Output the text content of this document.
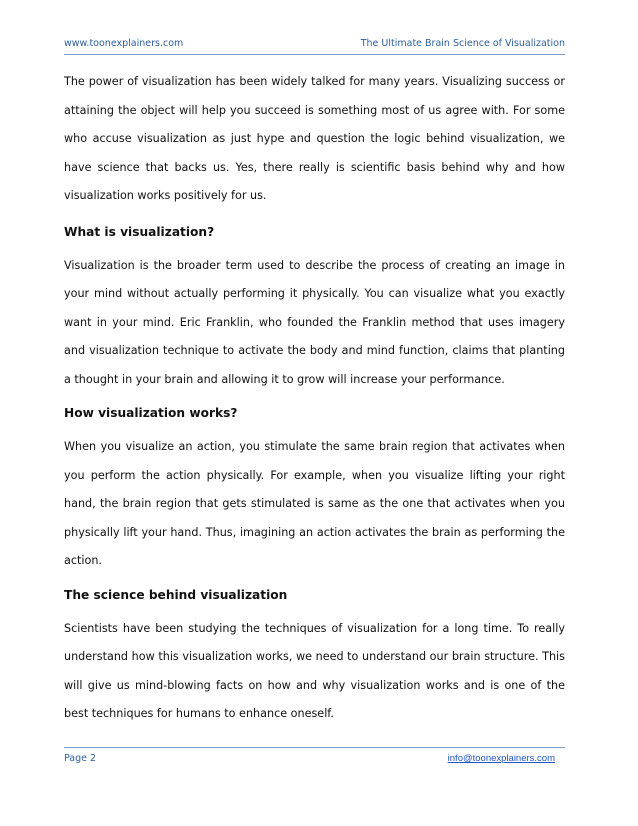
www.toonexplainers.com	The Ultimate Brain Science of Visualization

The power of visualization has been widely talked for many years. Visualizing success or attaining the object will help you succeed is something most of us agree with. For some who accuse visualization as just hype and question the logic behind visualization, we have science that backs us. Yes, there really is scientific basis behind why and how visualization works positively for us.

What is visualization?

Visualization is the broader term used to describe the process of creating an image in your mind without actually performing it physically. You can visualize what you exactly want in your mind. Eric Franklin, who founded the Franklin method that uses imagery and visualization technique to activate the body and mind function, claims that planting a thought in your brain and allowing it to grow will increase your performance.

How visualization works?

When you visualize an action, you stimulate the same brain region that activates when you perform the action physically. For example, when you visualize lifting your right hand, the brain region that gets stimulated is same as the one that activates when you physically lift your hand. Thus, imagining an action activates the brain as performing the action.

The science behind visualization

Scientists have been studying the techniques of visualization for a long time. To really understand how this visualization works, we need to understand our brain structure. This will give us mind-blowing facts on how and why visualization works and is one of the best techniques for humans to enhance oneself.

Page 2	info@toonexplainers.com
